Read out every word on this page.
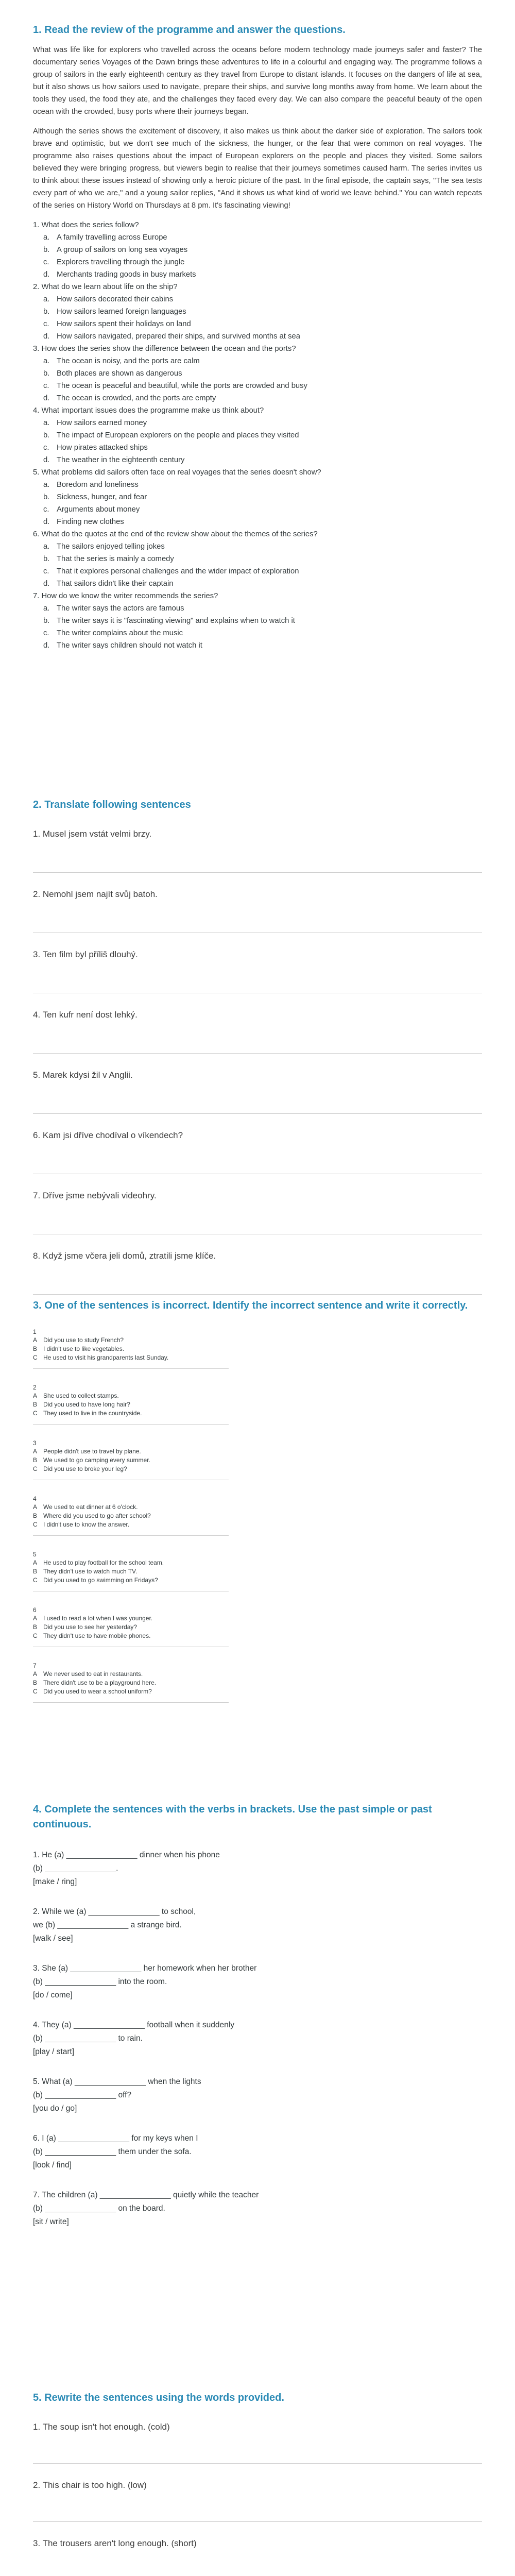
1. Read the review of the programme and answer the questions.

What was life like for explorers who travelled across the oceans before modern technology made journeys safer and faster? The documentary series Voyages of the Dawn brings these adventures to life in a colourful and engaging way. The programme follows a group of sailors in the early eighteenth century as they travel from Europe to distant islands. It focuses on the dangers of life at sea, but it also shows us how sailors used to navigate, prepare their ships, and survive long months away from home. We learn about the tools they used, the food they ate, and the challenges they faced every day. We can also compare the peaceful beauty of the open ocean with the crowded, busy ports where their journeys began.

Although the series shows the excitement of discovery, it also makes us think about the darker side of exploration. The sailors took brave and optimistic, but we don't see much of the sickness, the hunger, or the fear that were common on real voyages. The programme also raises questions about the impact of European explorers on the people and places they visited. Some sailors believed they were bringing progress, but viewers begin to realise that their journeys sometimes caused harm. The series invites us to think about these issues instead of showing only a heroic picture of the past. In the final episode, the captain says, "The sea tests every part of who we are," and a young sailor replies, "And it shows us what kind of world we leave behind." You can watch repeats of the series on History World on Thursdays at 8 pm. It's fascinating viewing!

1. What does the series follow?

a. A family travelling across Europe
b. A group of sailors on long sea voyages
c. Explorers travelling through the jungle
d. Merchants trading goods in busy markets

2. What do we learn about life on the ship?

a. How sailors decorated their cabins
b. How sailors learned foreign languages
c. How sailors spent their holidays on land
d. How sailors navigated, prepared their ships, and survived months at sea

3. How does the series show the difference between the ocean and the ports?

a. The ocean is noisy, and the ports are calm
b. Both places are shown as dangerous
c. The ocean is peaceful and beautiful, while the ports are crowded and busy
d. The ocean is crowded, and the ports are empty

4. What important issues does the programme make us think about?

a. How sailors earned money
b. The impact of European explorers on the people and places they visited
c. How pirates attacked ships
d. The weather in the eighteenth century

5. What problems did sailors often face on real voyages that the series doesn't show?

a. Boredom and loneliness
b. Sickness, hunger, and fear
c. Arguments about money
d. Finding new clothes

6. What do the quotes at the end of the review show about the themes of the series?

a. The sailors enjoyed telling jokes
b. That the series is mainly a comedy
c. That it explores personal challenges and the wider impact of exploration
d. That sailors didn't like their captain

7. How do we know the writer recommends the series?

a. The writer says the actors are famous
b. The writer says it is "fascinating viewing" and explains when to watch it
c. The writer complains about the music
d. The writer says children should not watch it
2. Translate following sentences

1. Musel jsem vstát velmi brzy.

2. Nemohl jsem najít svůj batoh.

3. Ten film byl příliš dlouhý.

4. Ten kufr není dost lehký.

5. Marek kdysi žil v Anglii.

6. Kam jsi dříve chodíval o víkendech?

7. Dříve jsme nebývali videohry.

8. Když jsme včera jeli domů, ztratili jsme klíče.

3. One of the sentences is incorrect. Identify the incorrect sentence and write it correctly.

1

A Did you use to study French?
B I didn't use to like vegetables.
C He used to visit his grandparents last Sunday.

2

A She used to collect stamps.
B Did you used to have long hair?
C They used to live in the countryside.

3

A People didn't use to travel by plane.
B We used to go camping every summer.
C Did you use to broke your leg?

4

A We used to eat dinner at 6 o'clock.
B Where did you used to go after school?
C I didn't use to know the answer.

5

A He used to play football for the school team.
B They didn't use to watch much TV.
C Did you used to go swimming on Fridays?

6

A I used to read a lot when I was younger.
B Did you use to see her yesterday?
C They didn't use to have mobile phones.

7

A We never used to eat in restaurants.
B There didn't use to be a playground here.
C Did you used to wear a school uniform?
4. Complete the sentences with the verbs in brackets. Use the past simple or past continuous.

1. He (a) ________________ dinner when his phone

(b) ________________.

[make / ring]

2. While we (a) ________________ to school,

we (b) ________________ a strange bird.

[walk / see]

3. She (a) ________________ her homework when her brother

(b) ________________ into the room.

[do / come]

4. They (a) ________________ football when it suddenly

(b) ________________ to rain.

[play / start]

5. What (a) ________________ when the lights

(b) ________________ off?

[you do / go]

6. I (a) ________________ for my keys when I

(b) ________________ them under the sofa.

[look / find]

7. The children (a) ________________ quietly while the teacher

(b) ________________ on the board.

[sit / write]

5. Rewrite the sentences using the words provided.

1. The soup isn't hot enough. (cold)

2. This chair is too high. (low)

3. The trousers aren't long enough. (short)
